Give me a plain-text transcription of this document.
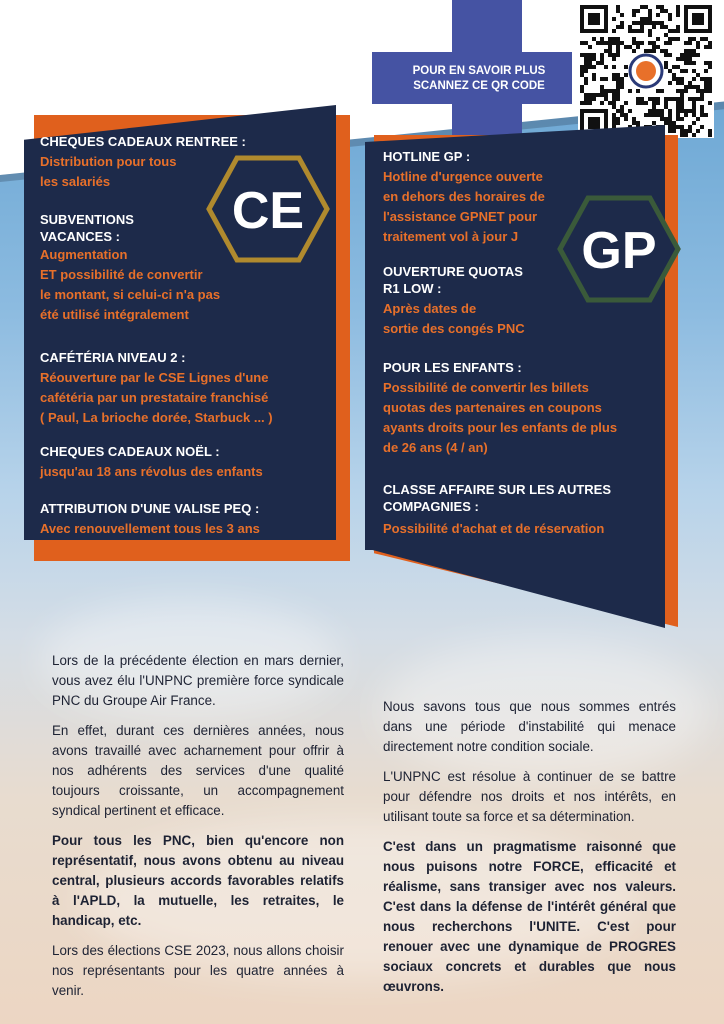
POUR EN SAVOIR PLUS
SCANNEZ CE QR CODE
CHEQUES CADEAUX RENTREE :
Distribution pour tous
les salariés
SUBVENTIONS
VACANCES :
Augmentation
ET possibilité de convertir
le montant, si celui-ci n'a pas
été utilisé intégralement
CAFÉTÉRIA NIVEAU 2 :
Réouverture par le CSE Lignes d'une
cafétéria par un prestataire franchisé
( Paul, La brioche dorée, Starbuck ... )
CHEQUES CADEAUX NOËL :
jusqu'au 18 ans révolus des enfants
ATTRIBUTION D'UNE VALISE PEQ :
Avec renouvellement tous les 3 ans
CE
HOTLINE GP :
Hotline d'urgence ouverte
en dehors des horaires de
l'assistance GPNET pour
traitement vol à jour J
OUVERTURE QUOTAS
R1 LOW :
Après dates de
sortie des congés PNC
POUR LES ENFANTS :
Possibilité de convertir les billets
quotas des partenaires en coupons
ayants droits pour les enfants de plus
de 26 ans (4 / an)
CLASSE AFFAIRE SUR LES AUTRES
COMPAGNIES :
Possibilité d'achat et de réservation
GP

Lors de la précédente élection en mars dernier, vous avez élu l'UNPNC première force syndicale PNC du Groupe Air France.

En effet, durant ces dernières années, nous avons travaillé avec acharnement pour offrir à nos adhérents des services d'une qualité toujours croissante, un accompagnement syndical pertinent et efficace.

Pour tous les PNC, bien qu'encore non représentatif, nous avons obtenu au niveau central, plusieurs accords favorables relatifs à l'APLD, la mutuelle, les retraites, le handicap, etc.

Lors des élections CSE 2023, nous allons choisir nos représentants pour les quatre années à venir.

Nous savons tous que nous sommes entrés dans une période d'instabilité qui menace directement notre condition sociale.

L'UNPNC est résolue à continuer de se battre pour défendre nos droits et nos intérêts, en utilisant toute sa force et sa détermination.

C'est dans un pragmatisme raisonné que nous puisons notre FORCE, efficacité et réalisme, sans transiger avec nos valeurs. C'est dans la défense de l'intérêt général que nous recherchons l'UNITE. C'est pour renouer avec une dynamique de PROGRES sociaux concrets et durables que nous œuvrons.
